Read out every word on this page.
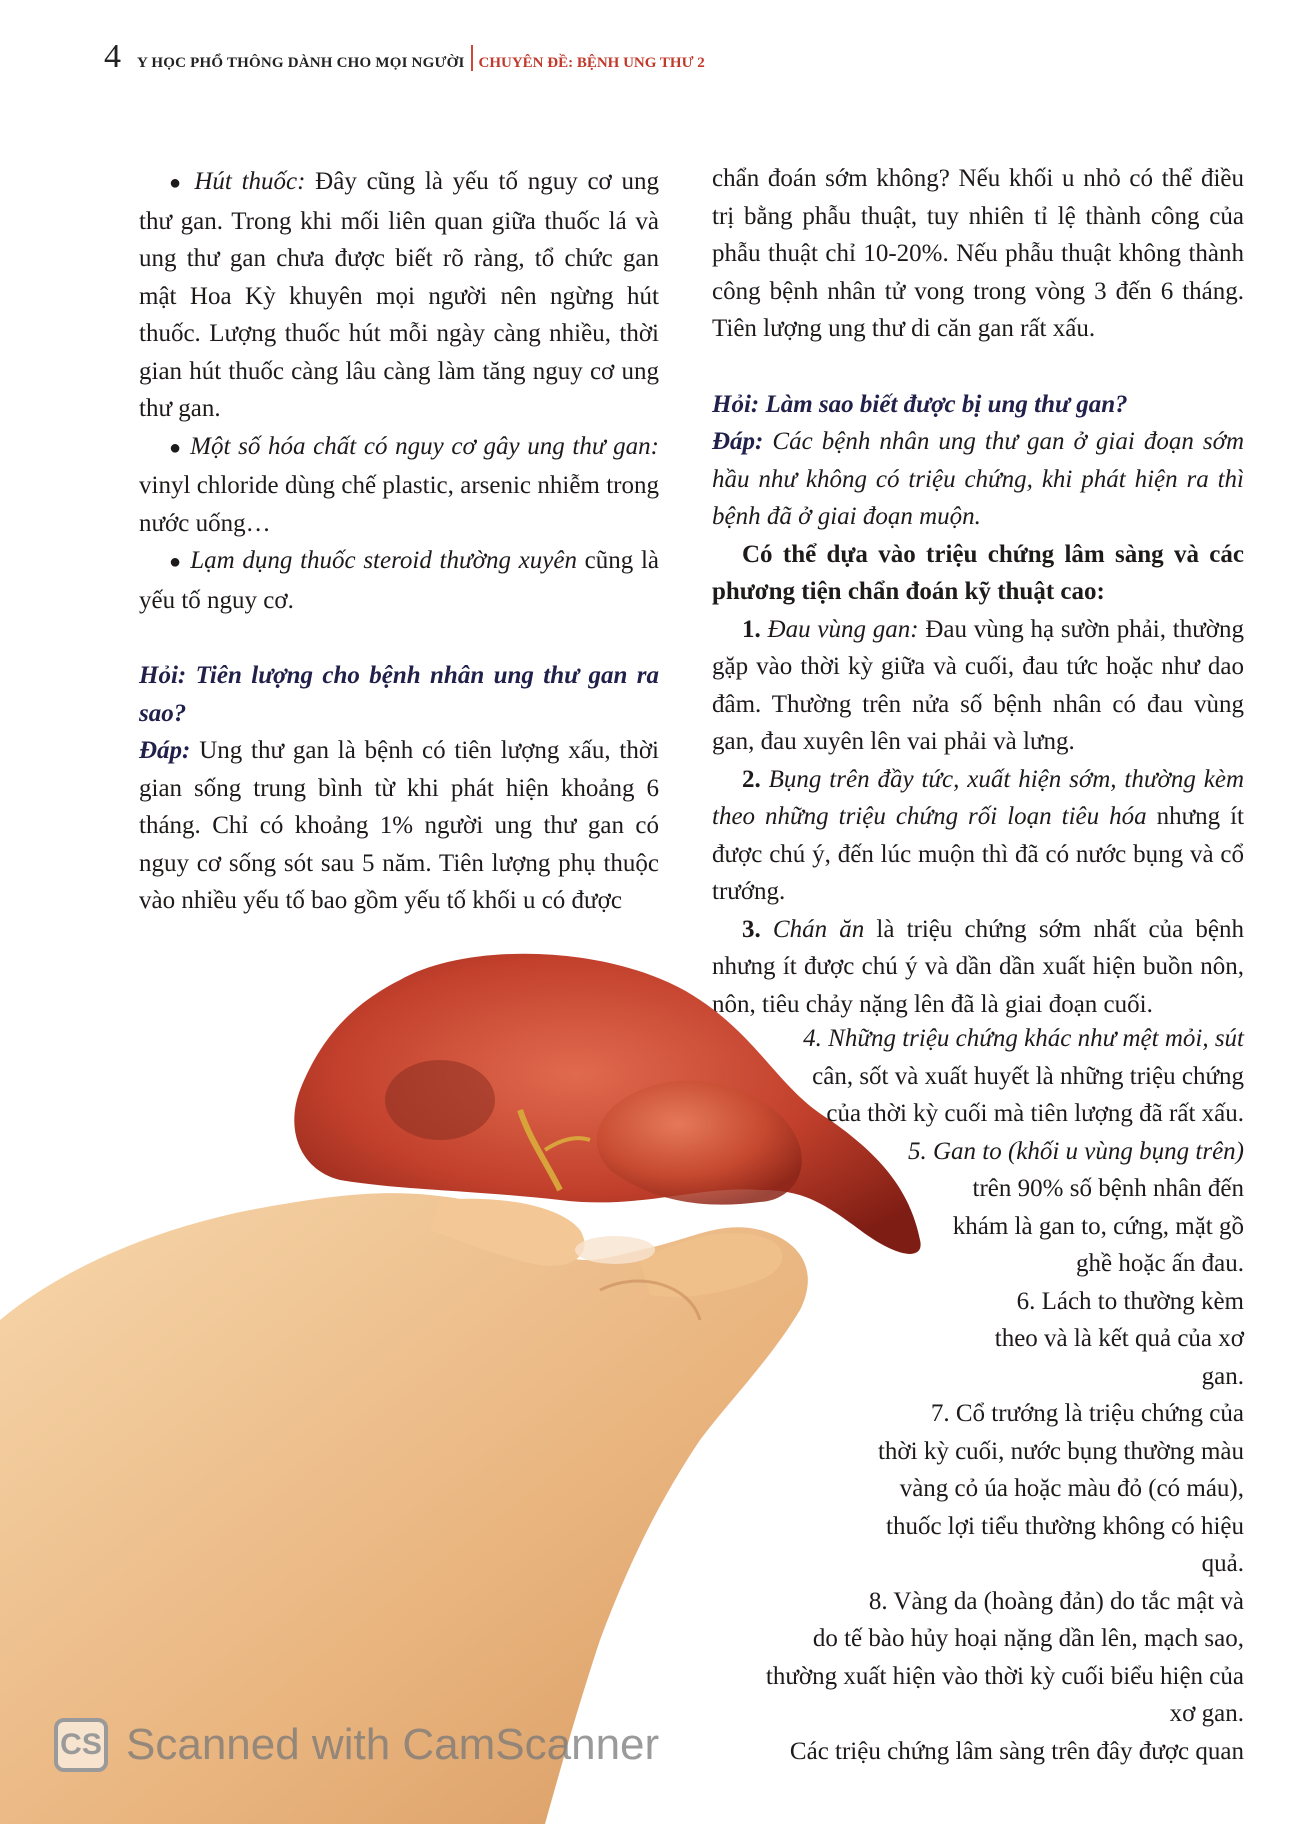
4 Y HỌC PHỔ THÔNG DÀNH CHO MỌI NGƯỜI CHUYÊN ĐỀ: BỆNH UNG THƯ 2

● Hút thuốc: Đây cũng là yếu tố nguy cơ ung thư gan. Trong khi mối liên quan giữa thuốc lá và ung thư gan chưa được biết rõ ràng, tổ chức gan mật Hoa Kỳ khuyên mọi người nên ngừng hút thuốc. Lượng thuốc hút mỗi ngày càng nhiều, thời gian hút thuốc càng lâu càng làm tăng nguy cơ ung thư gan.

● Một số hóa chất có nguy cơ gây ung thư gan: vinyl chloride dùng chế plastic, arsenic nhiễm trong nước uống…

● Lạm dụng thuốc steroid thường xuyên cũng là yếu tố nguy cơ.

Hỏi: Tiên lượng cho bệnh nhân ung thư gan ra sao?

Đáp: Ung thư gan là bệnh có tiên lượng xấu, thời gian sống trung bình từ khi phát hiện khoảng 6 tháng. Chỉ có khoảng 1% người ung thư gan có nguy cơ sống sót sau 5 năm. Tiên lượng phụ thuộc vào nhiều yếu tố bao gồm yếu tố khối u có được

chẩn đoán sớm không? Nếu khối u nhỏ có thể điều trị bằng phẫu thuật, tuy nhiên tỉ lệ thành công của phẫu thuật chỉ 10-20%. Nếu phẫu thuật không thành công bệnh nhân tử vong trong vòng 3 đến 6 tháng. Tiên lượng ung thư di căn gan rất xấu.

Hỏi: Làm sao biết được bị ung thư gan?

Đáp: Các bệnh nhân ung thư gan ở giai đoạn sớm hầu như không có triệu chứng, khi phát hiện ra thì bệnh đã ở giai đoạn muộn.

Có thể dựa vào triệu chứng lâm sàng và các phương tiện chẩn đoán kỹ thuật cao:

1. Đau vùng gan: Đau vùng hạ sườn phải, thường gặp vào thời kỳ giữa và cuối, đau tức hoặc như dao đâm. Thường trên nửa số bệnh nhân có đau vùng gan, đau xuyên lên vai phải và lưng.

2. Bụng trên đầy tức, xuất hiện sớm, thường kèm theo những triệu chứng rối loạn tiêu hóa nhưng ít được chú ý, đến lúc muộn thì đã có nước bụng và cổ trướng.

3. Chán ăn là triệu chứng sớm nhất của bệnh nhưng ít được chú ý và dần dần xuất hiện buồn nôn, nôn, tiêu chảy nặng lên đã là giai đoạn cuối.

4. Những triệu chứng khác như mệt mỏi, sút

cân, sốt và xuất huyết là những triệu chứng

của thời kỳ cuối mà tiên lượng đã rất xấu.

5. Gan to (khối u vùng bụng trên)

trên 90% số bệnh nhân đến

khám là gan to, cứng, mặt gồ

ghề hoặc ấn đau.

6. Lách to thường kèm

theo và là kết quả của xơ

gan.

7. Cổ trướng là triệu chứng của

thời kỳ cuối, nước bụng thường màu

vàng cỏ úa hoặc màu đỏ (có máu),

thuốc lợi tiểu thường không có hiệu

quả.

8. Vàng da (hoàng đản) do tắc mật và

do tế bào hủy hoại nặng dần lên, mạch sao,

thường xuất hiện vào thời kỳ cuối biểu hiện của

xơ gan.

Các triệu chứng lâm sàng trên đây được quan

CS Scanned with CamScanner
